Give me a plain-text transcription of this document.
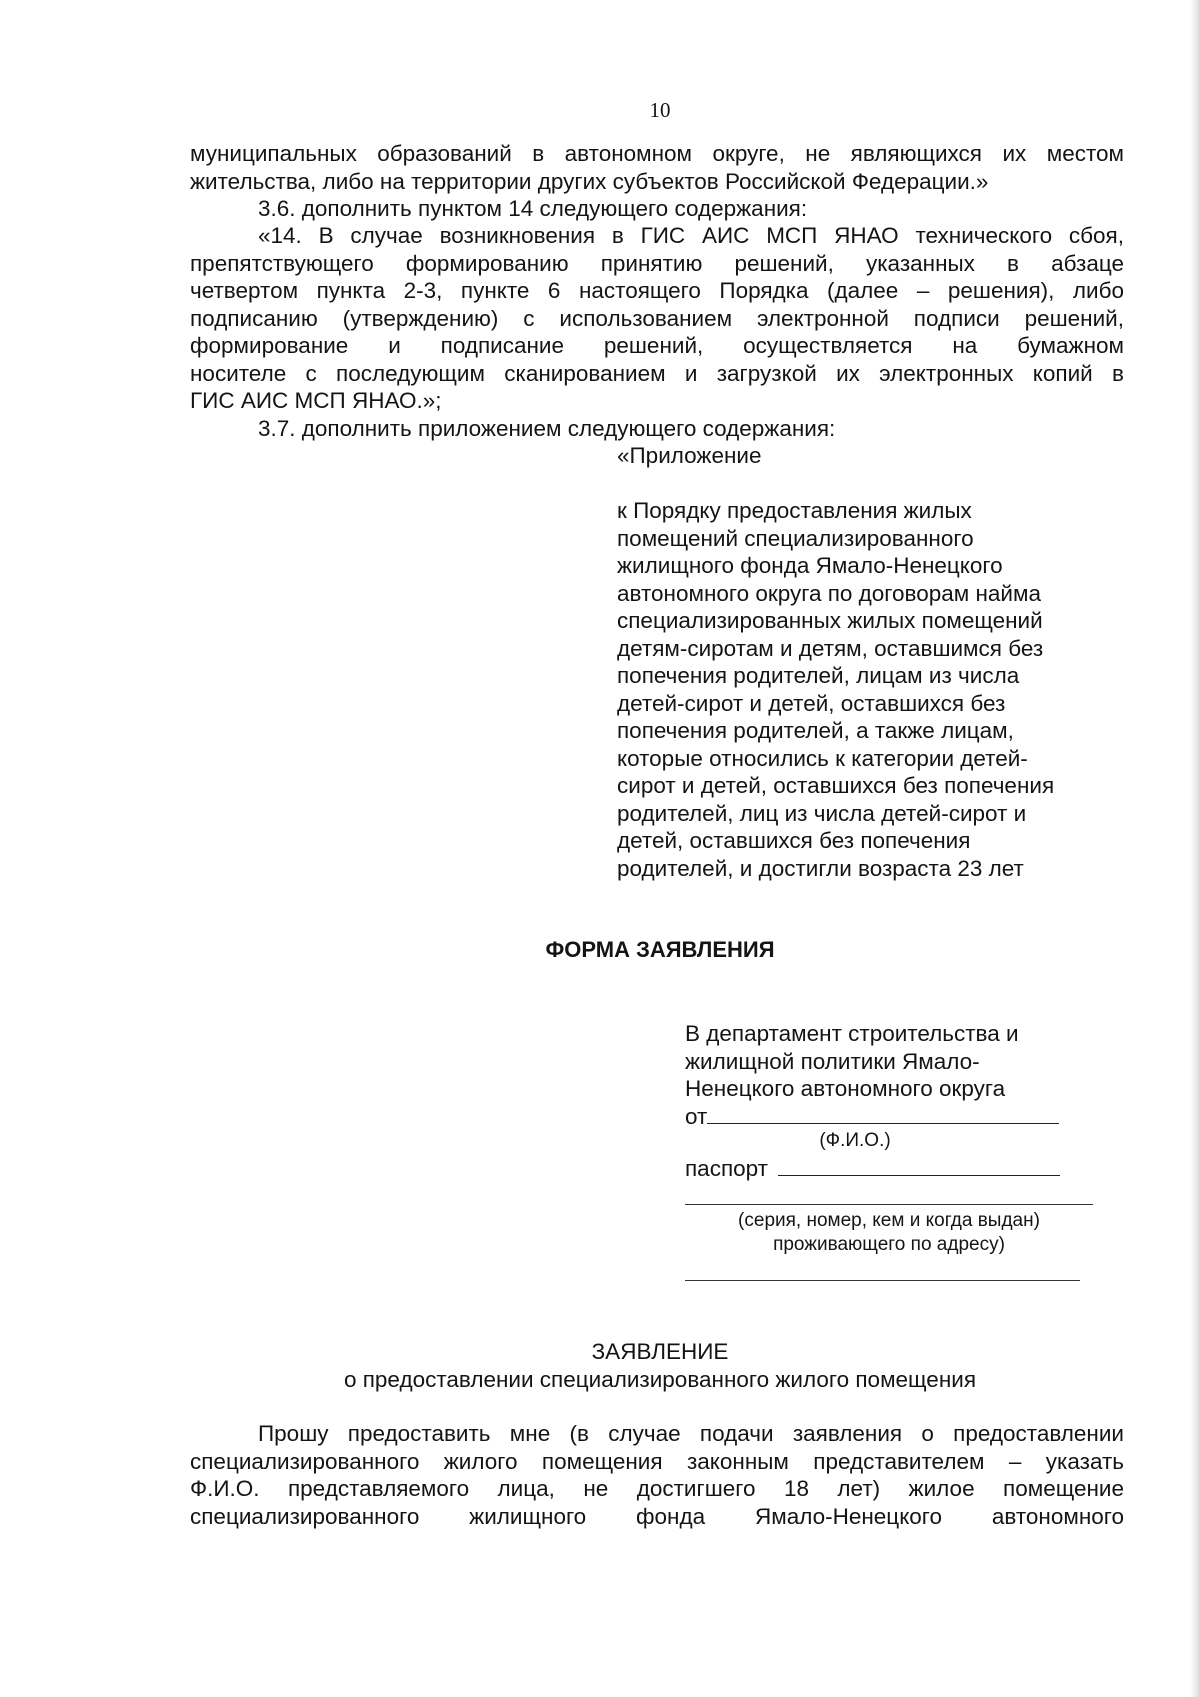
10
муниципальных образований в автономном округе, не являющихся их местом
жительства, либо на территории других субъектов Российской Федерации.»
3.6. дополнить пунктом 14 следующего содержания:
«14. В случае возникновения в ГИС АИС МСП ЯНАО технического сбоя,
препятствующего формированию принятию решений, указанных в абзаце
четвертом пункта 2-3, пункте 6 настоящего Порядка (далее – решения), либо
подписанию (утверждению) с использованием электронной подписи решений,
формирование и подписание решений, осуществляется на бумажном
носителе с последующим сканированием и загрузкой их электронных копий в
ГИС АИС МСП ЯНАО.»;
3.7. дополнить приложением следующего содержания:
«Приложение
к Порядку предоставления жилых
помещений специализированного
жилищного фонда Ямало-Ненецкого
автономного округа по договорам найма
специализированных жилых помещений
детям-сиротам и детям, оставшимся без
попечения родителей, лицам из числа
детей-сирот и детей, оставшихся без
попечения родителей, а также лицам,
которые относились к категории детей-
сирот и детей, оставшихся без попечения
родителей, лиц из числа детей-сирот и
детей, оставшихся без попечения
родителей, и достигли возраста 23 лет
ФОРМА ЗАЯВЛЕНИЯ
В департамент строительства и
жилищной политики Ямало-
Ненецкого автономного округа
от
(Ф.И.О.)
паспорт
(серия, номер, кем и когда выдан)
проживающего по адресу)
ЗАЯВЛЕНИЕ
о предоставлении специализированного жилого помещения
Прошу предоставить мне (в случае подачи заявления о предоставлении
специализированного жилого помещения законным представителем – указать
Ф.И.О. представляемого лица, не достигшего 18 лет) жилое помещение
специализированного жилищного фонда Ямало-Ненецкого автономного
